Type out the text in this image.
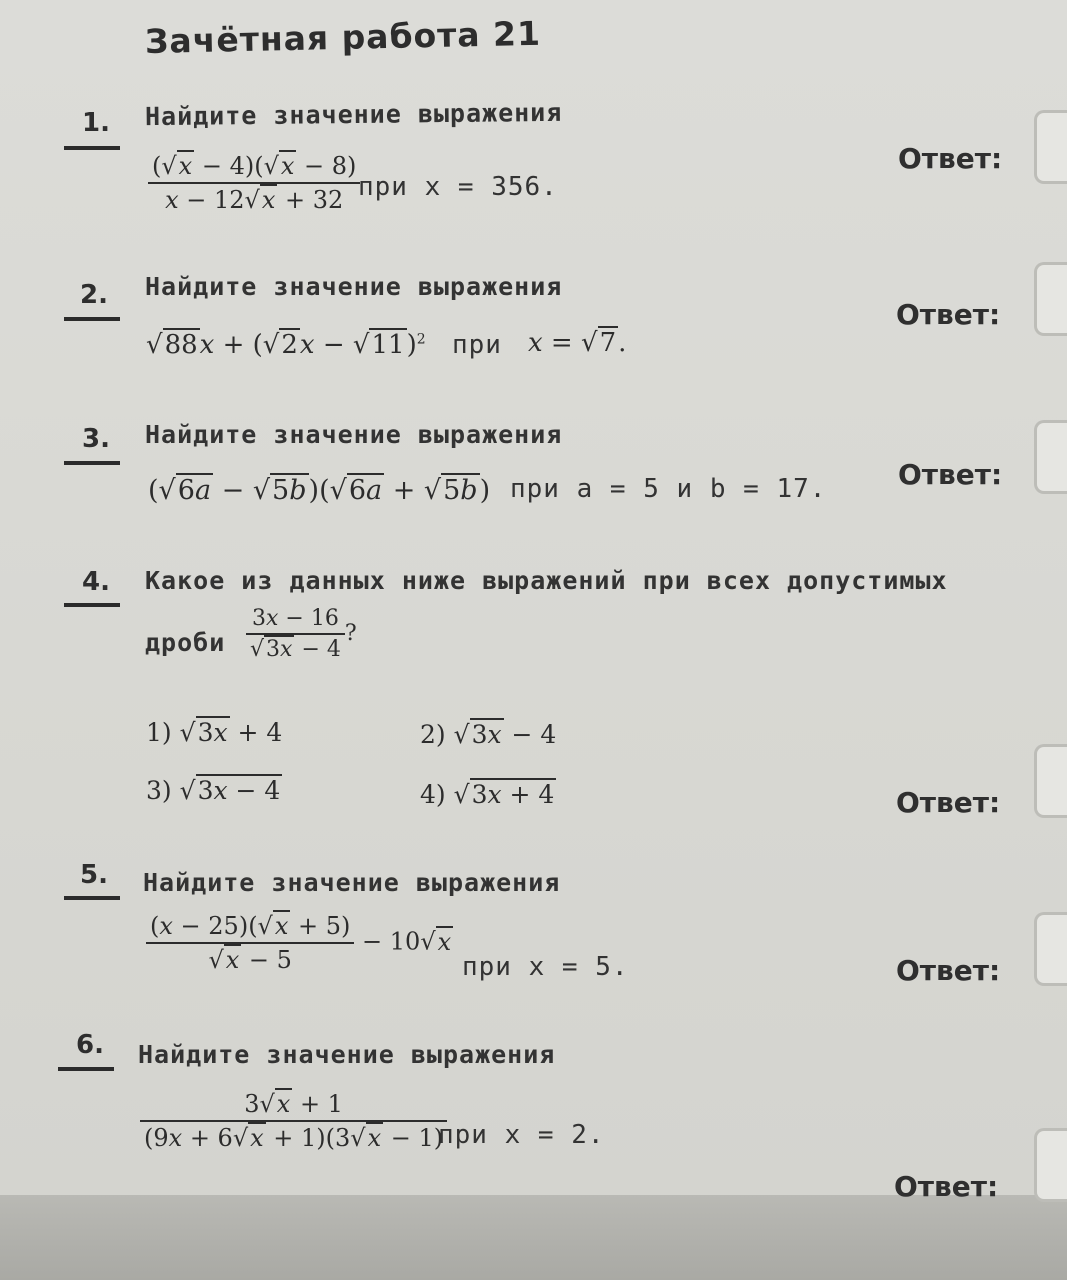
Зачётная работа 21
1. Найдите значение выражения
$\frac{(√x - 4)(√x - 8)}{x - 12√x + 32}$
при x = 356.
Ответ:
2. Найдите значение выражения
$√88x + (√2x - √11)^2$ при x = √7.
Ответ:
3. Найдите значение выражения
(√6a − √5b)(√6a + √5b) при a = 5 и b = 17.	Ответ:
4. Какое из данных ниже выражений при всех допустимых
дроби $\frac{3x - 16}{√3x - 4}$ ?
1) √3x + 4	2) √3x − 4
3) √3x − 4	4) √3x + 4	Ответ:
5. Найдите значение выражения
$\frac{(x - 25)(√x + 5)}{√x - 5} - 10√x$
при x = 5.	Ответ:
6. Найдите значение выражения
$\frac{3√x + 1}{(9x + 6√x + 1)(3√x - 1)}$
при x = 2.
Ответ:
